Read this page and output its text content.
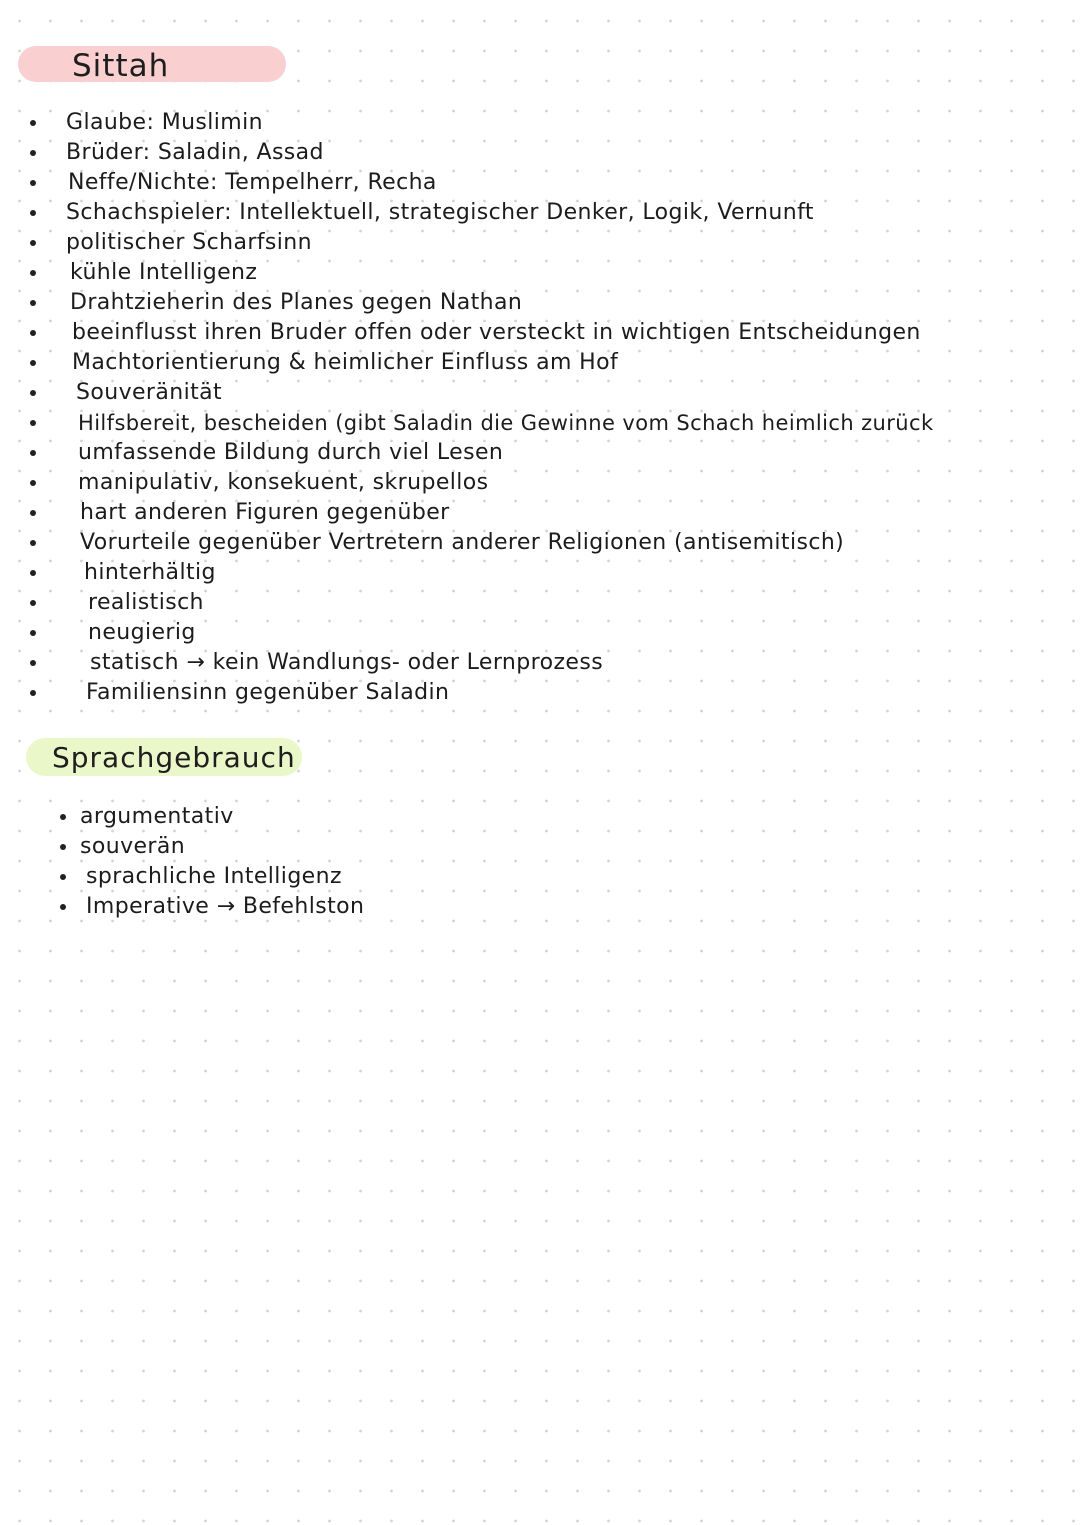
Sittah
Glaube: Muslimin
Brüder: Saladin, Assad
Neffe/Nichte: Tempelherr, Recha
Schachspieler: Intellektuell, strategischer Denker, Logik, Vernunft
politischer Scharfsinn
kühle Intelligenz
Drahtzieherin des Planes gegen Nathan
beeinflusst ihren Bruder offen oder versteckt in wichtigen Entscheidungen
Machtorientierung & heimlicher Einfluss am Hof
Souveränität
Hilfsbereit, bescheiden (gibt Saladin die Gewinne vom Schach heimlich zurück
umfassende Bildung durch viel Lesen
manipulativ, konsekuent, skrupellos
hart anderen Figuren gegenüber
Vorurteile gegenüber Vertretern anderer Religionen (antisemitisch)
hinterhältig
realistisch
neugierig
statisch → kein Wandlungs- oder Lernprozess
Familiensinn gegenüber Saladin
Sprachgebrauch
argumentativ
souverän
sprachliche Intelligenz
Imperative → Befehlston
